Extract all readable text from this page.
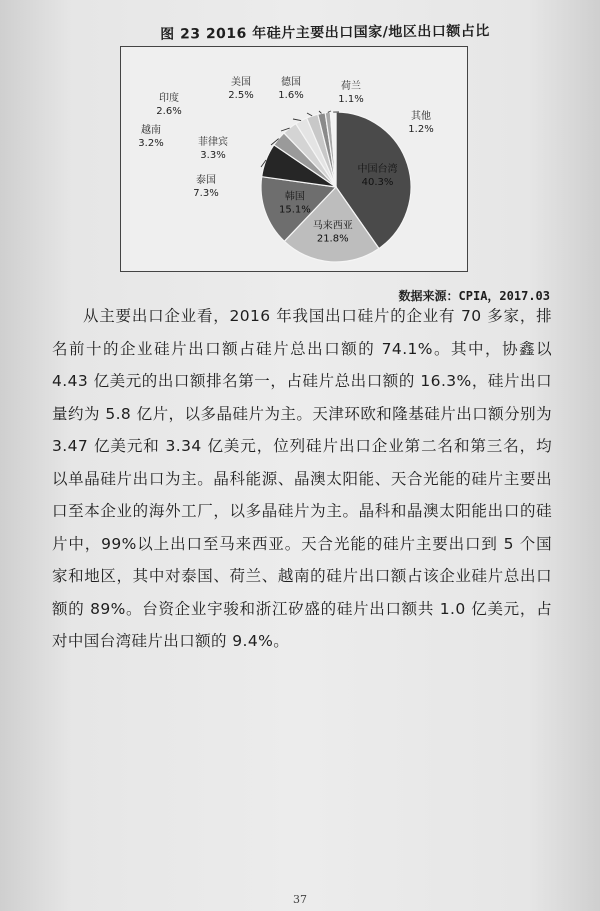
图 23 2016 年硅片主要出口国家/地区出口额占比
中国台湾
40.3%
马来西亚
21.8%
韩国
15.1%
泰国
7.3%
菲律宾
3.3%
越南
3.2%
印度
2.6%
美国
2.5%
德国
1.6%
荷兰
1.1%
其他
1.2%
数据来源：CPIA，2017.03

从主要出口企业看，2016 年我国出口硅片的企业有 70 多家，排名前十的企业硅片出口额占硅片总出口额的 74.1%。其中，协鑫以 4.43 亿美元的出口额排名第一，占硅片总出口额的 16.3%，硅片出口量约为 5.8 亿片，以多晶硅片为主。天津环欧和隆基硅片出口额分别为 3.47 亿美元和 3.34 亿美元，位列硅片出口企业第二名和第三名，均以单晶硅片出口为主。晶科能源、晶澳太阳能、天合光能的硅片主要出口至本企业的海外工厂，以多晶硅片为主。晶科和晶澳太阳能出口的硅片中，99%以上出口至马来西亚。天合光能的硅片主要出口到 5 个国家和地区，其中对泰国、荷兰、越南的硅片出口额占该企业硅片总出口额的 89%。台资企业宇骏和浙江矽盛的硅片出口额共 1.0 亿美元，占对中国台湾硅片出口额的 9.4%。

37
